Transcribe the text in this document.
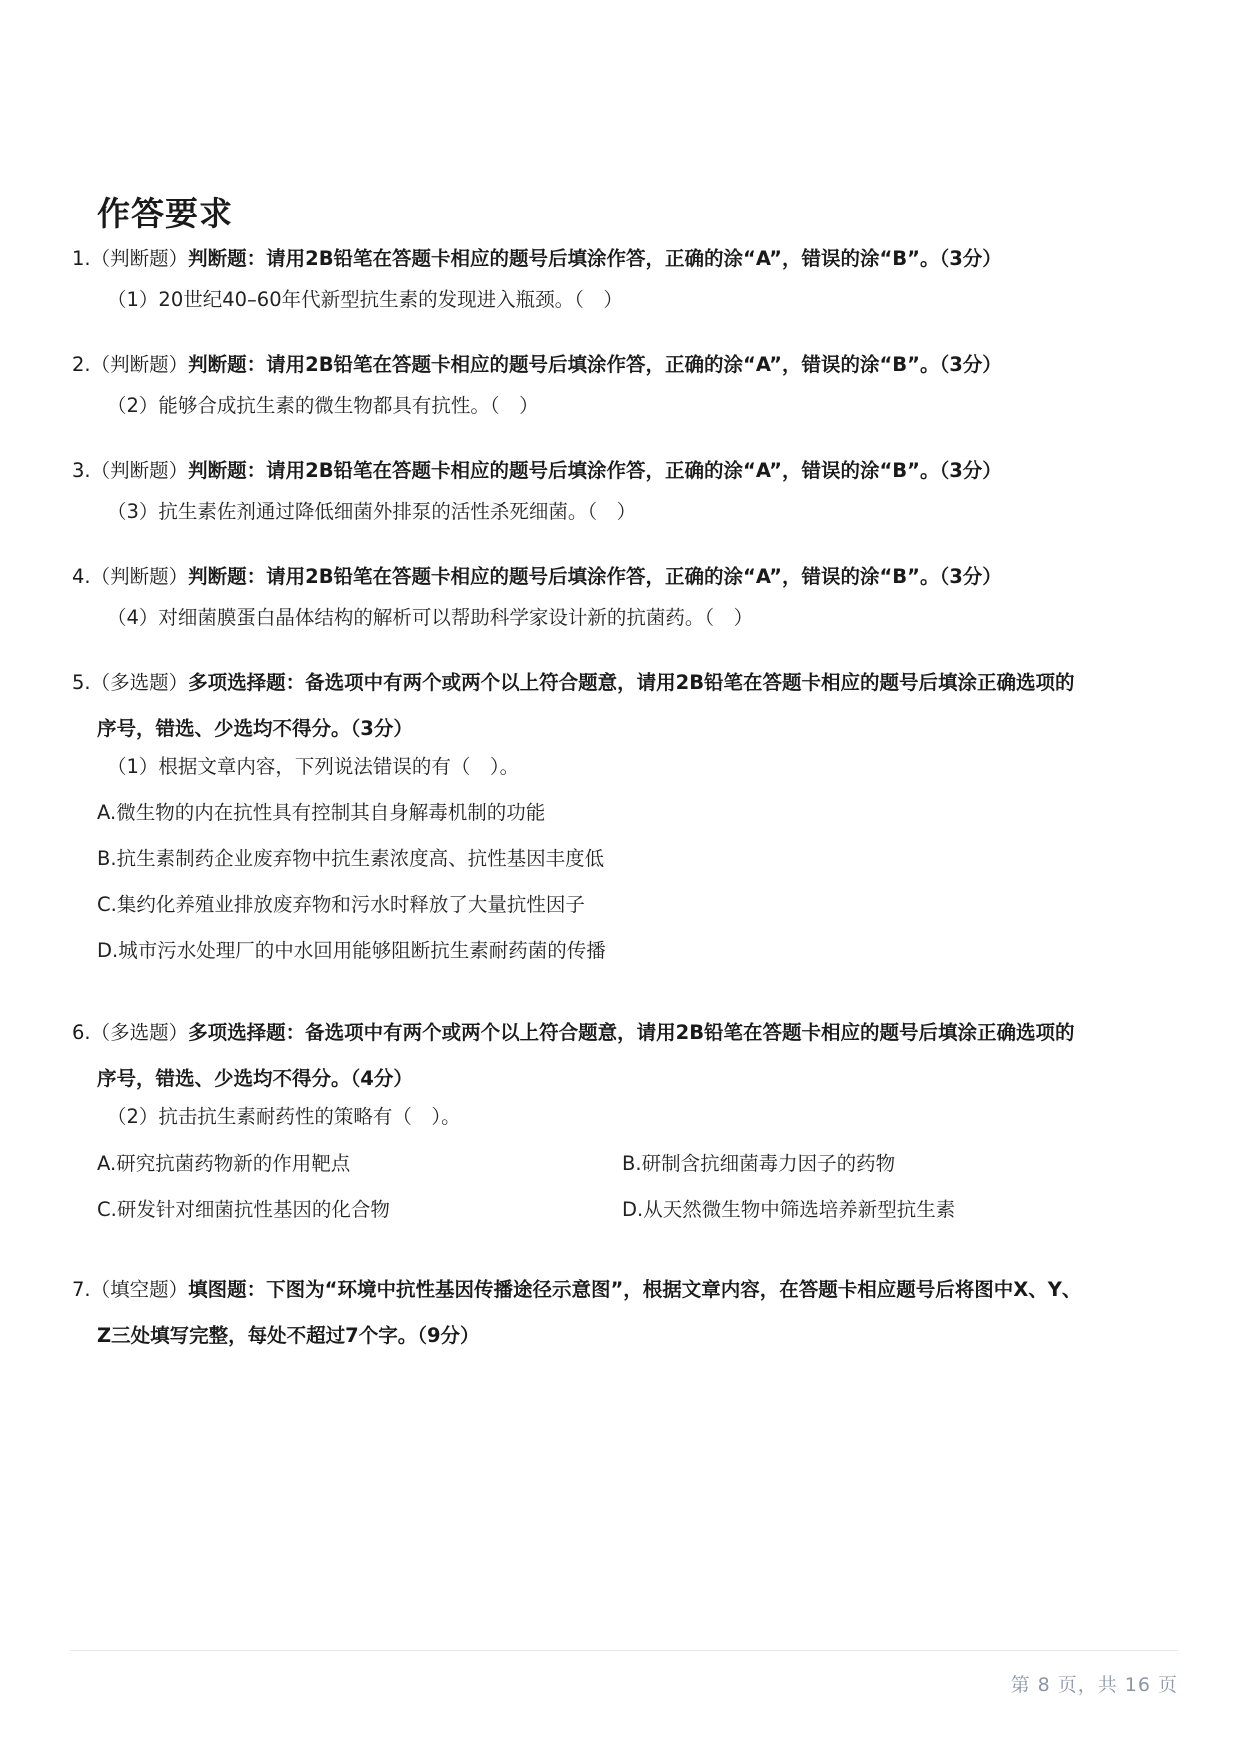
作答要求
1.（判断题）判断题：请用2B铅笔在答题卡相应的题号后填涂作答，正确的涂“A”，错误的涂“B”。（3分）
（1）20世纪40–60年代新型抗生素的发现进入瓶颈。（　）
2.（判断题）判断题：请用2B铅笔在答题卡相应的题号后填涂作答，正确的涂“A”，错误的涂“B”。（3分）
（2）能够合成抗生素的微生物都具有抗性。（　）
3.（判断题）判断题：请用2B铅笔在答题卡相应的题号后填涂作答，正确的涂“A”，错误的涂“B”。（3分）
（3）抗生素佐剂通过降低细菌外排泵的活性杀死细菌。（　）
4.（判断题）判断题：请用2B铅笔在答题卡相应的题号后填涂作答，正确的涂“A”，错误的涂“B”。（3分）
（4）对细菌膜蛋白晶体结构的解析可以帮助科学家设计新的抗菌药。（　）
5.（多选题）多项选择题：备选项中有两个或两个以上符合题意，请用2B铅笔在答题卡相应的题号后填涂正确选项的
序号，错选、少选均不得分。（3分）
（1）根据文章内容，下列说法错误的有（　）。
A.微生物的内在抗性具有控制其自身解毒机制的功能
B.抗生素制药企业废弃物中抗生素浓度高、抗性基因丰度低
C.集约化养殖业排放废弃物和污水时释放了大量抗性因子
D.城市污水处理厂的中水回用能够阻断抗生素耐药菌的传播
6.（多选题）多项选择题：备选项中有两个或两个以上符合题意，请用2B铅笔在答题卡相应的题号后填涂正确选项的
序号，错选、少选均不得分。（4分）
（2）抗击抗生素耐药性的策略有（　）。
A.研究抗菌药物新的作用靶点	B.研制含抗细菌毒力因子的药物
C.研发针对细菌抗性基因的化合物	D.从天然微生物中筛选培养新型抗生素
7.（填空题）填图题：下图为“环境中抗性基因传播途径示意图”，根据文章内容，在答题卡相应题号后将图中X、Y、
Z三处填写完整，每处不超过7个字。（9分）
第 8 页，共 16 页
